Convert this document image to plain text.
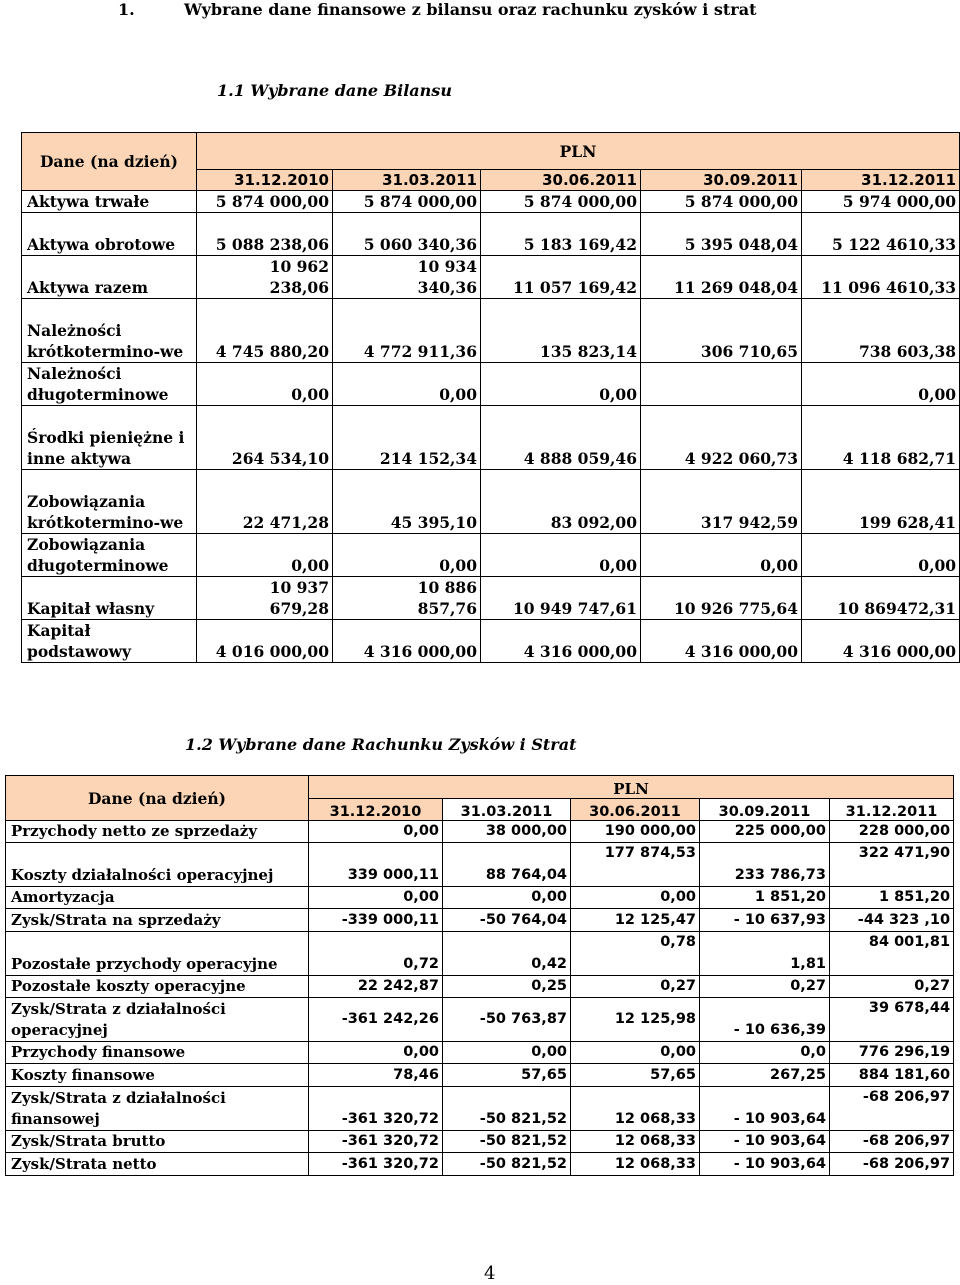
1.	Wybrane dane finansowe z bilansu oraz rachunku zysków i strat
1.1 Wybrane dane Bilansu
Dane (na dzień)	PLN				
	31.12.2010	31.03.2011	30.06.2011	30.09.2011	31.12.2011
Aktywa trwałe	5 874 000,00	5 874 000,00	5 874 000,00	5 874 000,00	5 974 000,00
Aktywa obrotowe	5 088 238,06	5 060 340,36	5 183 169,42	5 395 048,04	5 122 4610,33
Aktywa razem	10 962 238,06	10 934 340,36	11 057 169,42	11 269 048,04	11 096 4610,33
Należności krótkotermino-we	4 745 880,20	4 772 911,36	135 823,14	306 710,65	738 603,38
Należności długoterminowe	0,00	0,00	0,00		0,00
Środki pieniężne i inne aktywa	264 534,10	214 152,34	4 888 059,46	4 922 060,73	4 118 682,71
Zobowiązania krótkotermino-we	22 471,28	45 395,10	83 092,00	317 942,59	199 628,41
Zobowiązania długoterminowe	0,00	0,00	0,00	0,00	0,00
Kapitał własny	10 937 679,28	10 886 857,76	10 949 747,61	10 926 775,64	10 869472,31
Kapitał podstawowy	4 016 000,00	4 316 000,00	4 316 000,00	4 316 000,00	4 316 000,00
1.2 Wybrane dane Rachunku Zysków i Strat
Dane (na dzień)	PLN				
	31.12.2010	31.03.2011	30.06.2011	30.09.2011	31.12.2011
Przychody netto ze sprzedaży	0,00	38 000,00	190 000,00	225 000,00	228 000,00
Koszty działalności operacyjnej	339 000,11	88 764,04	177 874,53	233 786,73	322 471,90
Amortyzacja	0,00	0,00	0,00	1 851,20	1 851,20
Zysk/Strata na sprzedaży	-339 000,11	-50 764,04	12 125,47	- 10 637,93	-44 323 ,10
Pozostałe przychody operacyjne	0,72	0,42	0,78	1,81	84 001,81
Pozostałe koszty operacyjne	22 242,87	0,25	0,27	0,27	0,27
Zysk/Strata z działalności operacyjnej	-361 242,26	-50 763,87	12 125,98	- 10 636,39	39 678,44
Przychody finansowe	0,00	0,00	0,00	0,0	776 296,19
Koszty finansowe	78,46	57,65	57,65	267,25	884 181,60
Zysk/Strata z działalności finansowej	-361 320,72	-50 821,52	12 068,33	- 10 903,64	-68 206,97
Zysk/Strata brutto	-361 320,72	-50 821,52	12 068,33	- 10 903,64	-68 206,97
Zysk/Strata netto	-361 320,72	-50 821,52	12 068,33	- 10 903,64	-68 206,97
4
